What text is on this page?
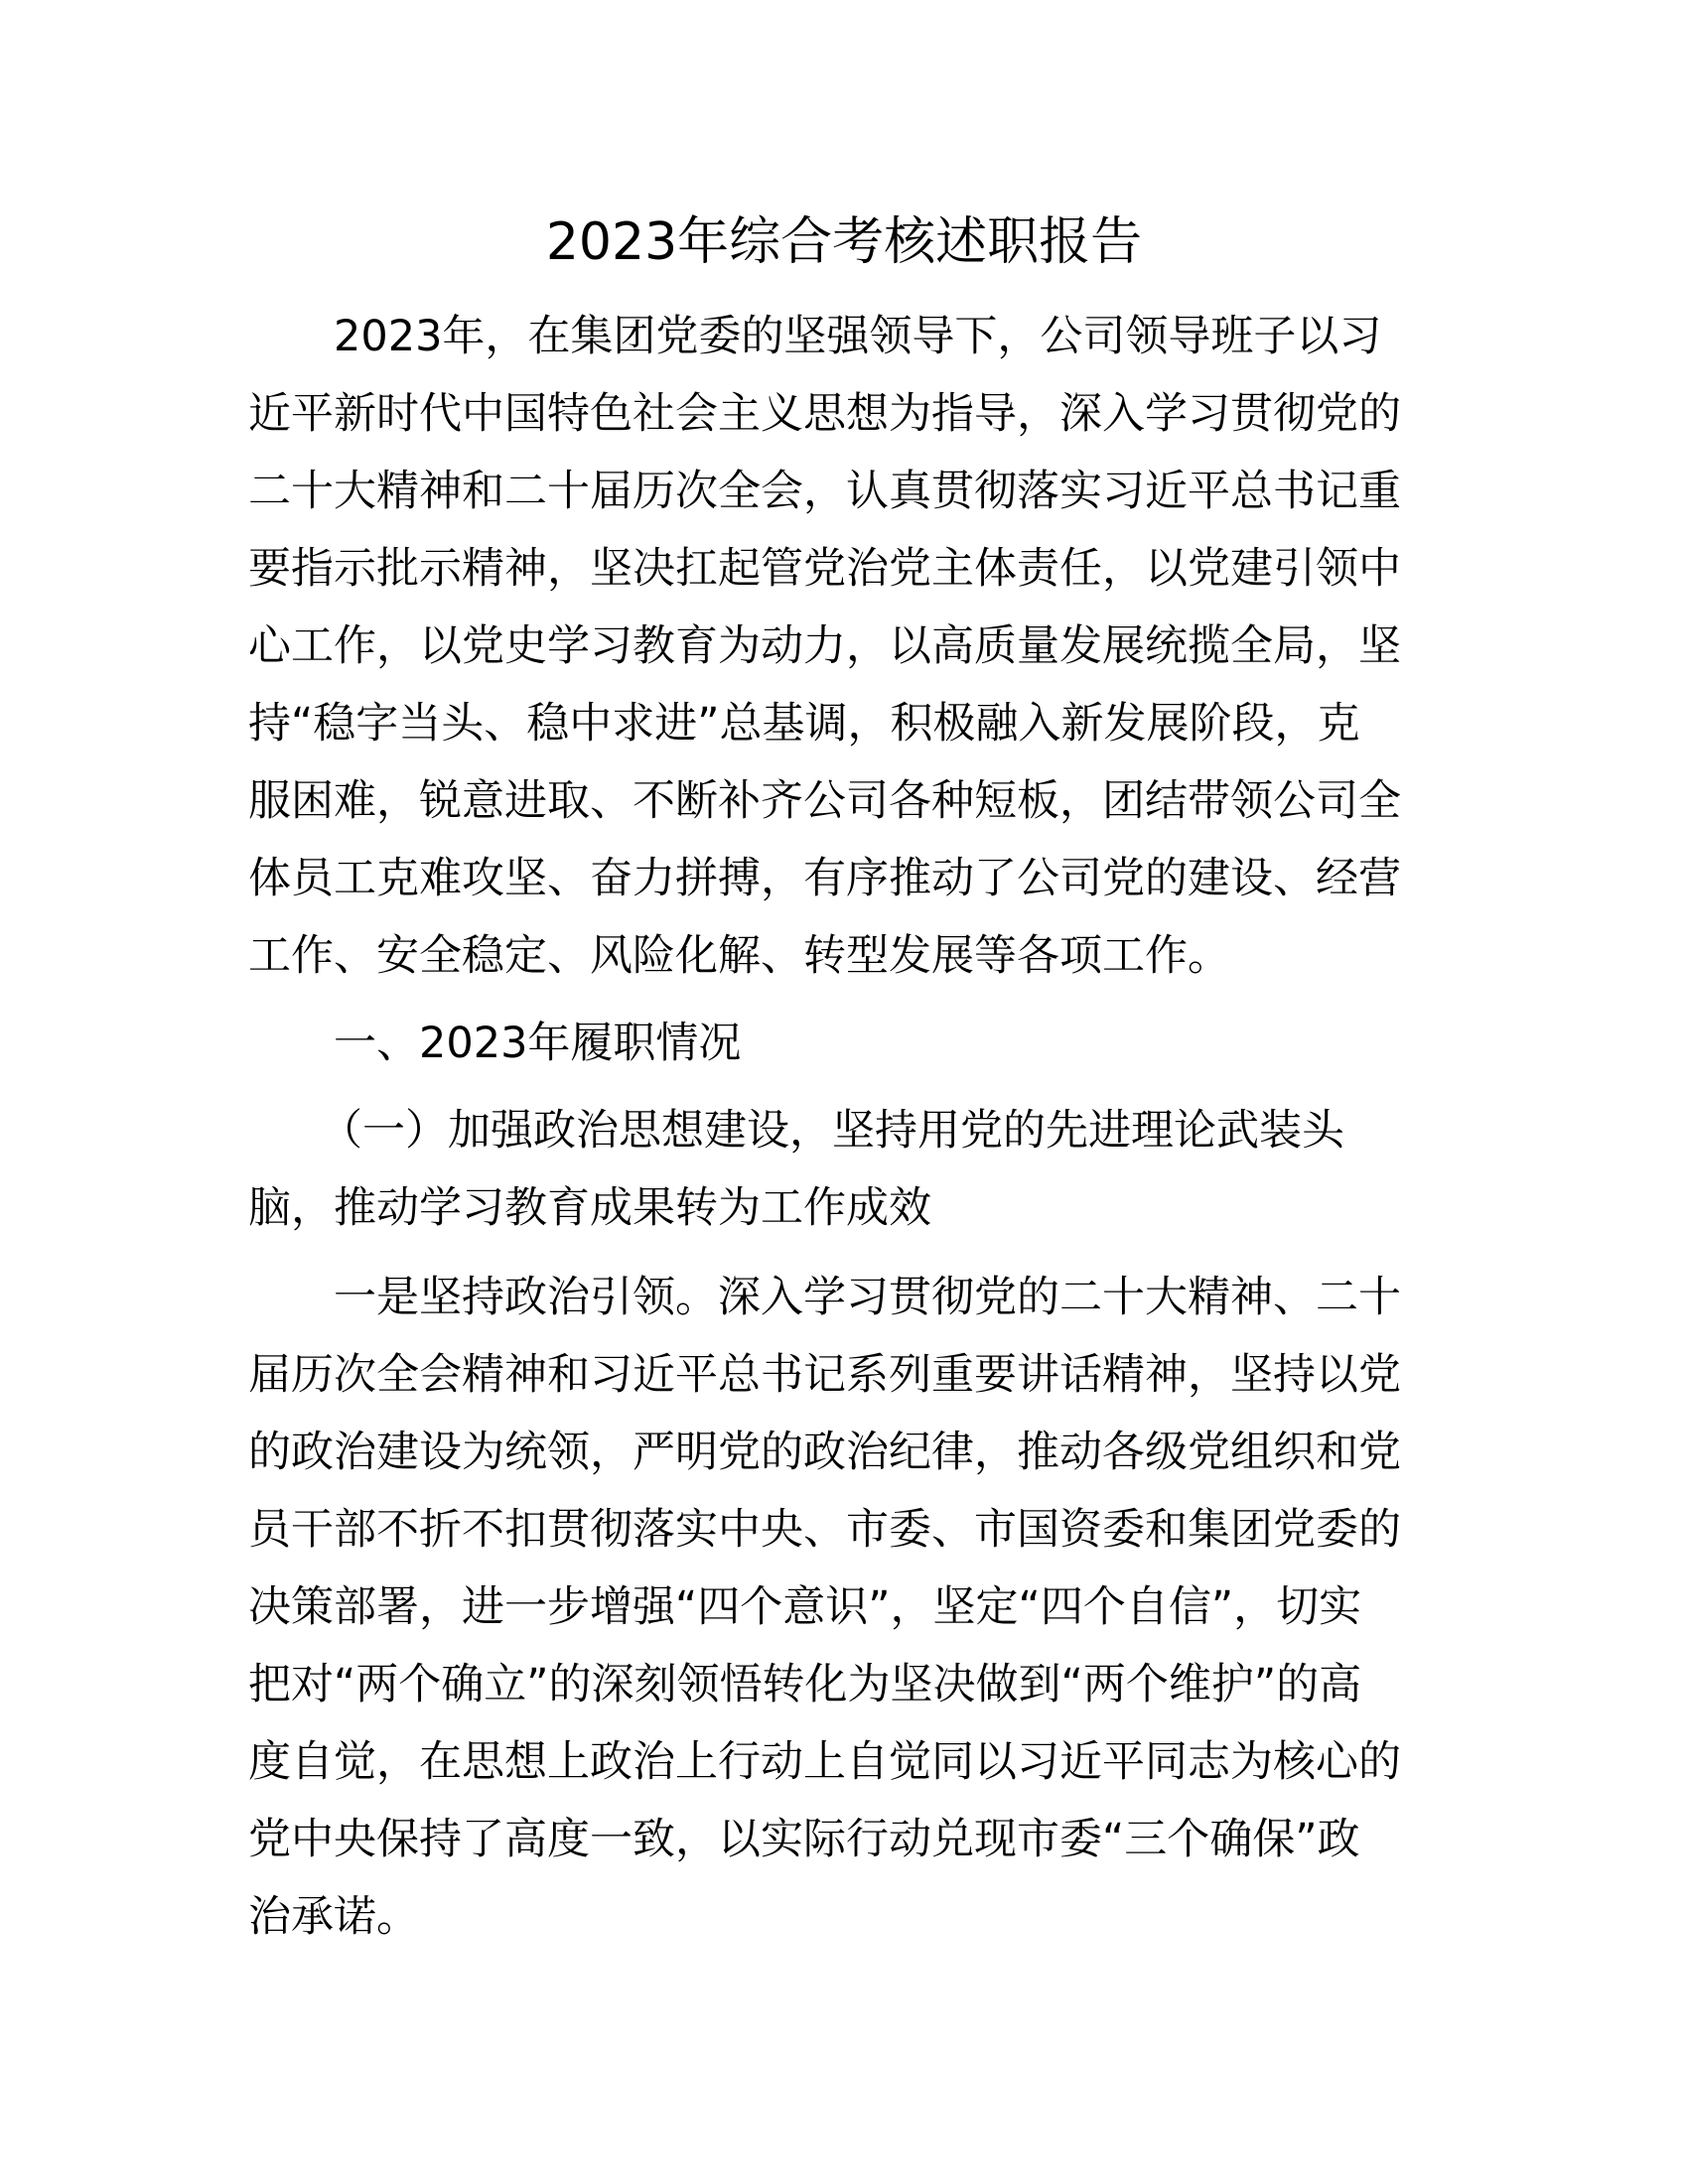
2023年综合考核述职报告
2023年，在集团党委的坚强领导下，公司领导班子以习
近平新时代中国特色社会主义思想为指导，深入学习贯彻党的
二十大精神和二十届历次全会，认真贯彻落实习近平总书记重
要指示批示精神，坚决扛起管党治党主体责任，以党建引领中
心工作，以党史学习教育为动力，以高质量发展统揽全局，坚
持“稳字当头、稳中求进”总基调，积极融入新发展阶段，克
服困难，锐意进取、不断补齐公司各种短板，团结带领公司全
体员工克难攻坚、奋力拼搏，有序推动了公司党的建设、经营
工作、安全稳定、风险化解、转型发展等各项工作。
一、2023年履职情况
（一）加强政治思想建设，坚持用党的先进理论武装头
脑，推动学习教育成果转为工作成效
一是坚持政治引领。深入学习贯彻党的二十大精神、二十
届历次全会精神和习近平总书记系列重要讲话精神，坚持以党
的政治建设为统领，严明党的政治纪律，推动各级党组织和党
员干部不折不扣贯彻落实中央、市委、市国资委和集团党委的
决策部署，进一步增强“四个意识”，坚定“四个自信”，切实
把对“两个确立”的深刻领悟转化为坚决做到“两个维护”的高
度自觉，在思想上政治上行动上自觉同以习近平同志为核心的
党中央保持了高度一致，以实际行动兑现市委“三个确保”政
治承诺。
